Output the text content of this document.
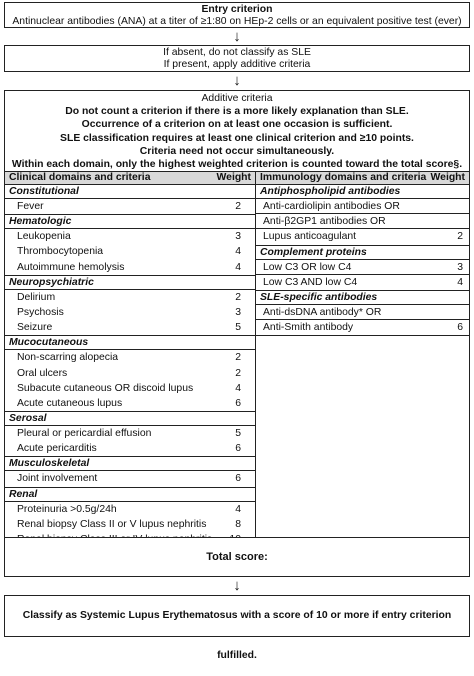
Entry criterion
Antinuclear antibodies (ANA) at a titer of ≥1:80 on HEp-2 cells or an equivalent positive test (ever)
↓
If absent, do not classify as SLE
If present, apply additive criteria
↓
Additive criteria
Do not count a criterion if there is a more likely explanation than SLE.
Occurrence of a criterion on at least one occasion is sufficient.
SLE classification requires at least one clinical criterion and ≥10 points.
Criteria need not occur simultaneously.
Within each domain, only the highest weighted criterion is counted toward the total score§.
Clinical domains and criteria	Weight
Constitutional
Fever	2
Hematologic
Leukopenia	3
Thrombocytopenia	4
Autoimmune hemolysis	4
Neuropsychiatric
Delirium	2
Psychosis	3
Seizure	5
Mucocutaneous
Non-scarring alopecia	2
Oral ulcers	2
Subacute cutaneous OR discoid lupus	4
Acute cutaneous lupus	6
Serosal
Pleural or pericardial effusion	5
Acute pericarditis	6
Musculoskeletal
Joint involvement	6
Renal
Proteinuria >0.5g/24h	4
Renal biopsy Class II or V lupus nephritis	8
Immunology domains and criteria Weight
Antiphospholipid antibodies
Anti-cardiolipin antibodies OR
Anti-β2GP1 antibodies OR
Lupus anticoagulant	2
Complement proteins
Low C3 OR low C4	3
Low C3 AND low C4	4
SLE-specific antibodies
Anti-dsDNA antibody* OR
Anti-Smith antibody	6
Total score:
↓
Classify as Systemic Lupus Erythematosus with a score of 10 or more if entry criterion fulfilled.
